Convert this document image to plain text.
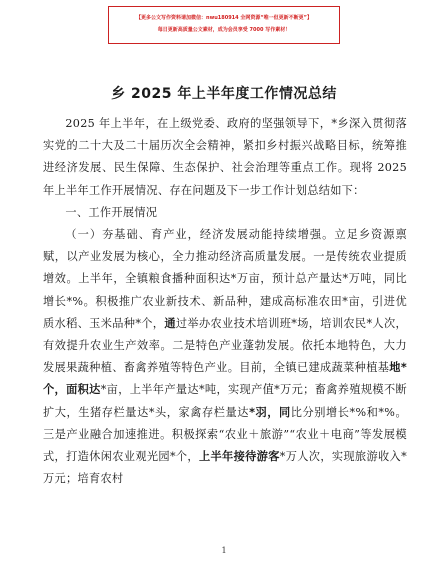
【更多公文写作资料请加微信：nwu180914 全网资源“唯一但更新不断更”】
每日更新高质量公文素材，成为会员享受 7000 写作素材！
乡 2025 年上半年度工作情况总结

2025 年上半年，在上级党委、政府的坚强领导下，*乡深入贯彻落实党的二十大及二十届历次全会精神，紧扣乡村振兴战略目标，统筹推进经济发展、民生保障、生态保护、社会治理等重点工作。现将 2025 年上半年工作开展情况、存在问题及下一步工作计划总结如下：

一、工作开展情况

（一）夯基础、育产业，经济发展动能持续增强。立足乡资源禀赋，以产业发展为核心，全力推动经济高质量发展。一是传统农业提质增效。上半年，全镇粮食播种面积达*万亩，预计总产量达*万吨，同比增长*%。积极推广农业新技术、新品种，建成高标准农田*亩，引进优质水稻、玉米品种*个，通过举办农业技术培训班*场，培训农民*人次，有效提升农业生产效率。二是特色产业蓬勃发展。依托本地特色，大力发展果蔬种植、畜禽养殖等特色产业。目前，全镇已建成蔬菜种植基地*个，面积达*亩，上半年产量达*吨，实现产值*万元；畜禽养殖规模不断扩大，生猪存栏量达*头，家禽存栏量达*羽，同比分别增长*%和*%。三是产业融合加速推进。积极探索“农业＋旅游”“农业＋电商”等发展模式，打造休闲农业观光园*个，上半年接待游客*万人次，实现旅游收入*万元；培育农村

1
